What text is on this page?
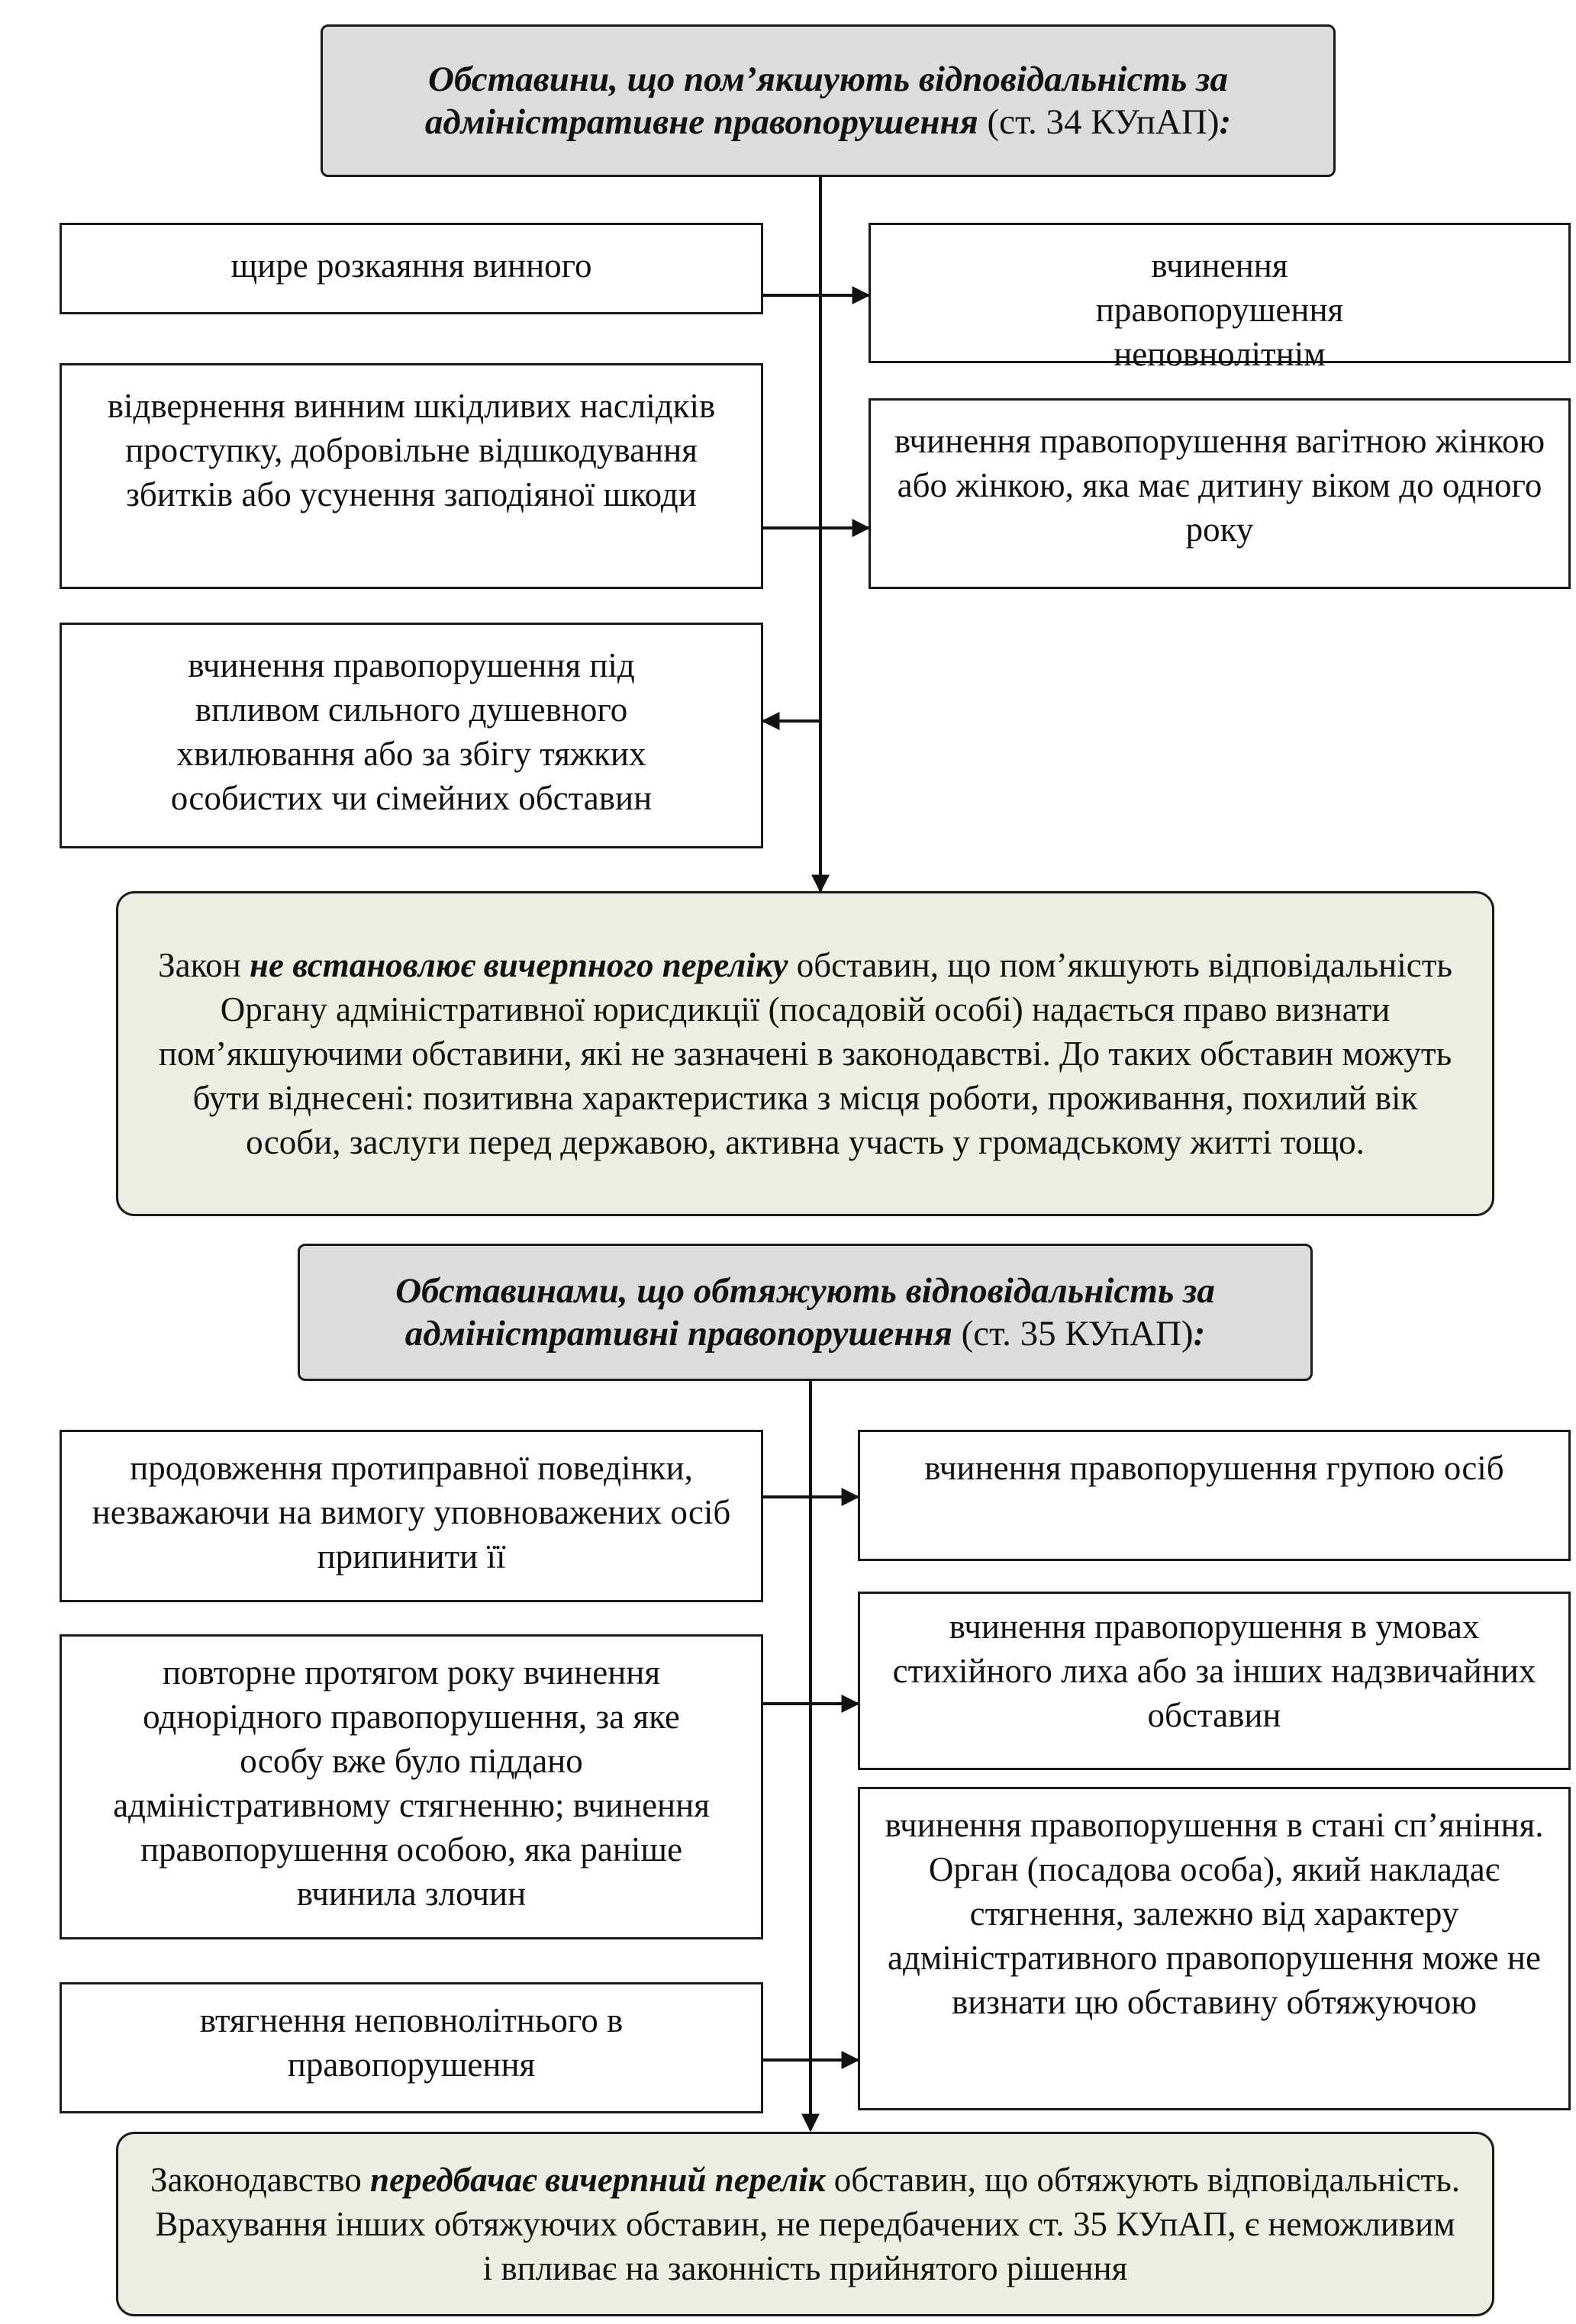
Обставини, що пом’якшують відповідальність за адміністративне правопорушення (ст. 34 КУпАП):
щире розкаяння винного
відвернення винним шкідливих наслідків проступку, добровільне відшкодування збитків або усунення заподіяної шкоди
вчинення правопорушення під впливом сильного душевного хвилювання або за збігу тяжких особистих чи сімейних обставин
вчинення правопорушення неповнолітнім
вчинення правопорушення вагітною жінкою або жінкою, яка має дитину віком до одного року
Закон не встановлює вичерпного переліку обставин, що пом’якшують відповідальність Органу адміністративної юрисдикції (посадовій особі) надається право визнати пом’якшуючими обставини, які не зазначені в законодавстві. До таких обставин можуть бути віднесені: позитивна характеристика з місця роботи, проживання, похилий вік особи, заслуги перед державою, активна участь у громадському житті тощо.
Обставинами, що обтяжують відповідальність за адміністративні правопорушення (ст. 35 КУпАП):
продовження протиправної поведінки, незважаючи на вимогу уповноважених осіб припинити її
повторне протягом року вчинення однорідного правопорушення, за яке особу вже було піддано адміністративному стягненню; вчинення правопорушення особою, яка раніше вчинила злочин
втягнення неповнолітнього в правопорушення
вчинення правопорушення групою осіб
вчинення правопорушення в умовах стихійного лиха або за інших надзвичайних обставин
вчинення правопорушення в стані сп’яніння. Орган (посадова особа), який накладає стягнення, залежно від характеру адміністративного правопорушення може не визнати цю обставину обтяжуючою
Законодавство передбачає вичерпний перелік обставин, що обтяжують відповідальність. Врахування інших обтяжуючих обставин, не передбачених ст. 35 КУпАП, є неможливим і впливає на законність прийнятого рішення
